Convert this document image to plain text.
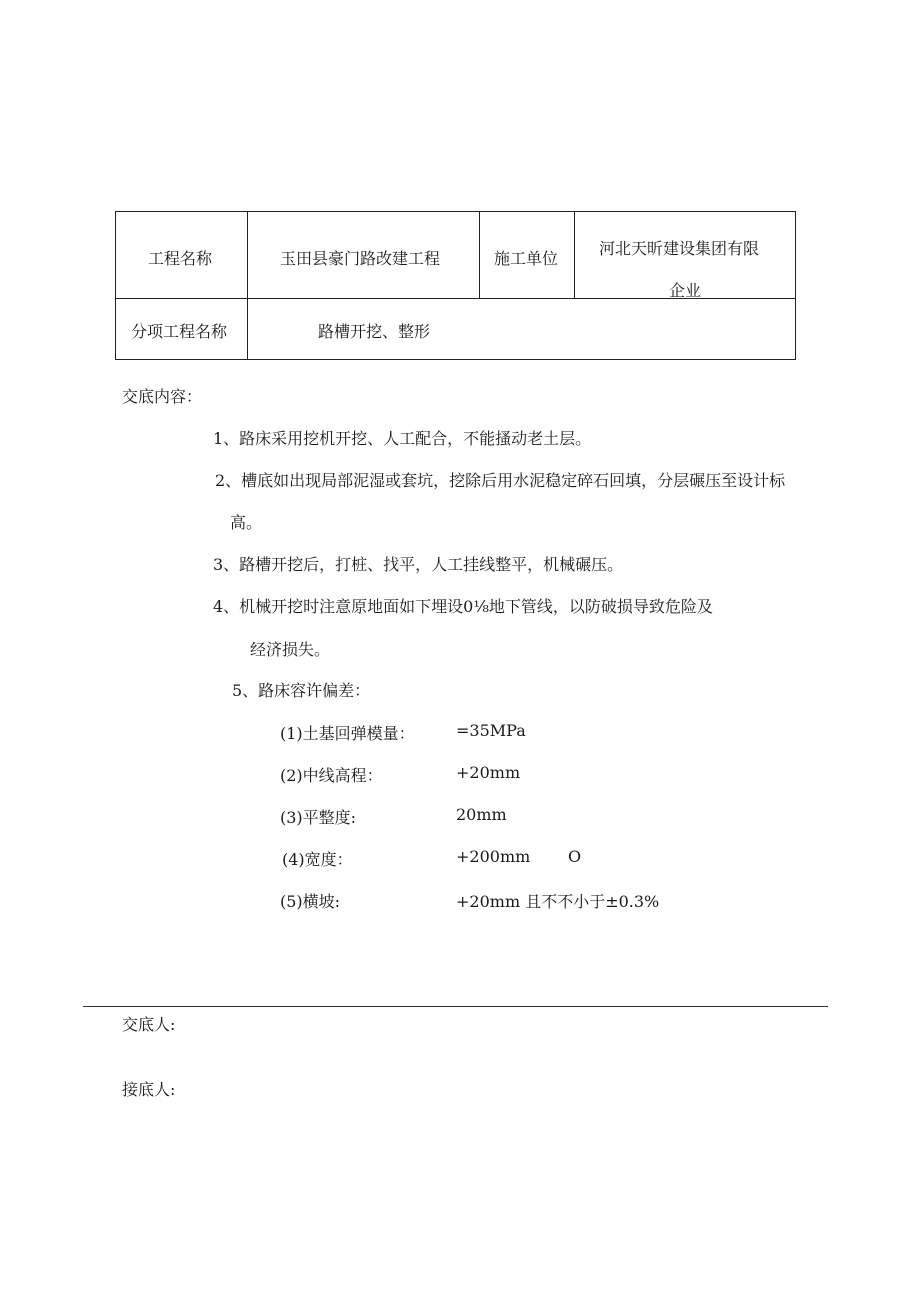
工程名称	玉田县豪门路改建工程	施工单位	河北天昕建设集团有限
企业

分项工程名称	路槽开挖、整形		
交底内容：
1、路床采用挖机开挖、人工配合，不能搔动老土层。
2、槽底如出现局部泥湿或套坑，挖除后用水泥稳定碎石回填，分层碾压至设计标
高。
3、路槽开挖后，打桩、找平，人工挂线整平，机械碾压。
4、机械开挖时注意原地面如下埋设0⅛地下管线，以防破损导致危险及
经济损失。
5、路床容许偏差：
(1)土基回弹模量：	=35MPa
(2)中线高程：	+20mm
(3)平整度:	20mm
(4)宽度：	+200mm O
(5)横坡:	+20mm 且不不小于±0.3%
交底人:
接底人:
